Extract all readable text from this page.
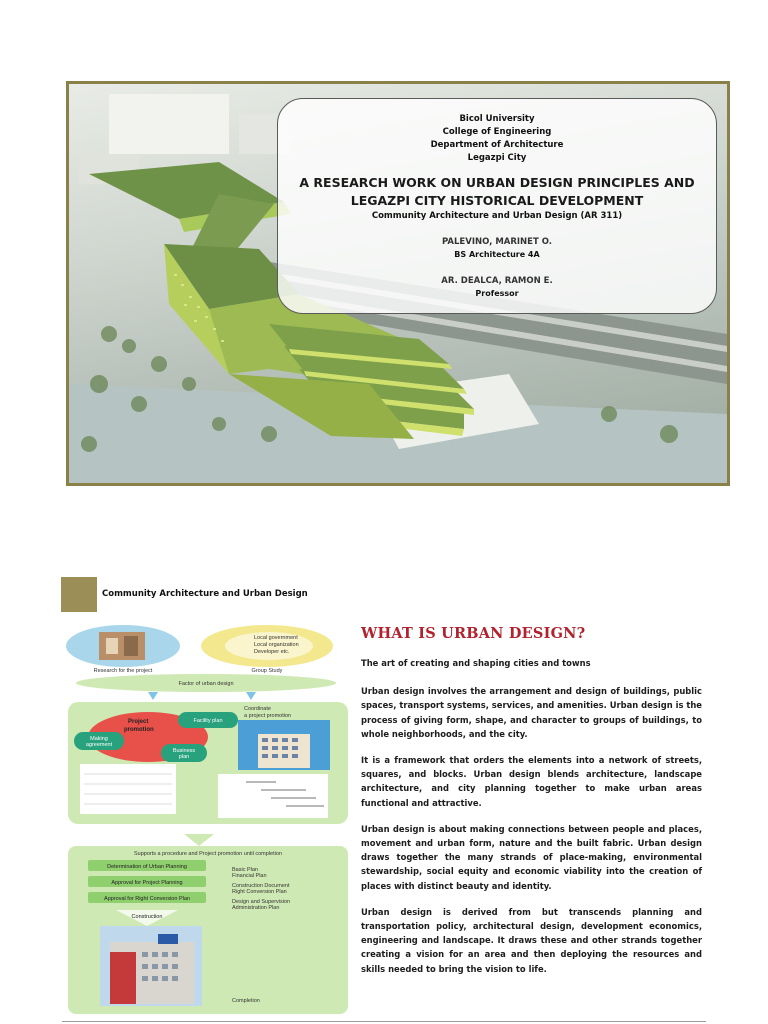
Bicol University
College of Engineering
Department of Architecture
Legazpi City
A RESEARCH WORK ON URBAN DESIGN PRINCIPLES AND
LEGAZPI CITY HISTORICAL DEVELOPMENT
Community Architecture and Urban Design (AR 311)
PALEVINO, MARINET O.
BS Architecture 4A
AR. DEALCA, RAMON E.
Professor
Community Architecture and Urban Design
Research for the project
Local government
Local organization
Developer etc.
Group Study
Factor of urban design
Coordinate
a project promotion
Project
promotion
Facility plan
Making
agreement
Business
plan
Supports a procedure and Project promotion until completion
Determination of Urban Planning
Approval for Project Planning
Approval for Right Conversion Plan
Basic Plan
Financial Plan
Construction Document
Right Conversion Plan
Design and Supervision
Administration Plan
Construction
Completion
WHAT IS URBAN DESIGN?

The art of creating and shaping cities and towns

Urban design involves the arrangement and design of buildings, public spaces, transport systems, services, and amenities. Urban design is the process of giving form, shape, and character to groups of buildings, to whole neighborhoods, and the city.

It is a framework that orders the elements into a network of streets, squares, and blocks. Urban design blends architecture, landscape architecture, and city planning together to make urban areas functional and attractive.

Urban design is about making connections between people and places, movement and urban form, nature and the built fabric. Urban design draws together the many strands of place-making, environmental stewardship, social equity and economic viability into the creation of places with distinct beauty and identity.

Urban design is derived from but transcends planning and transportation policy, architectural design, development economics, engineering and landscape. It draws these and other strands together creating a vision for an area and then deploying the resources and skills needed to bring the vision to life.
